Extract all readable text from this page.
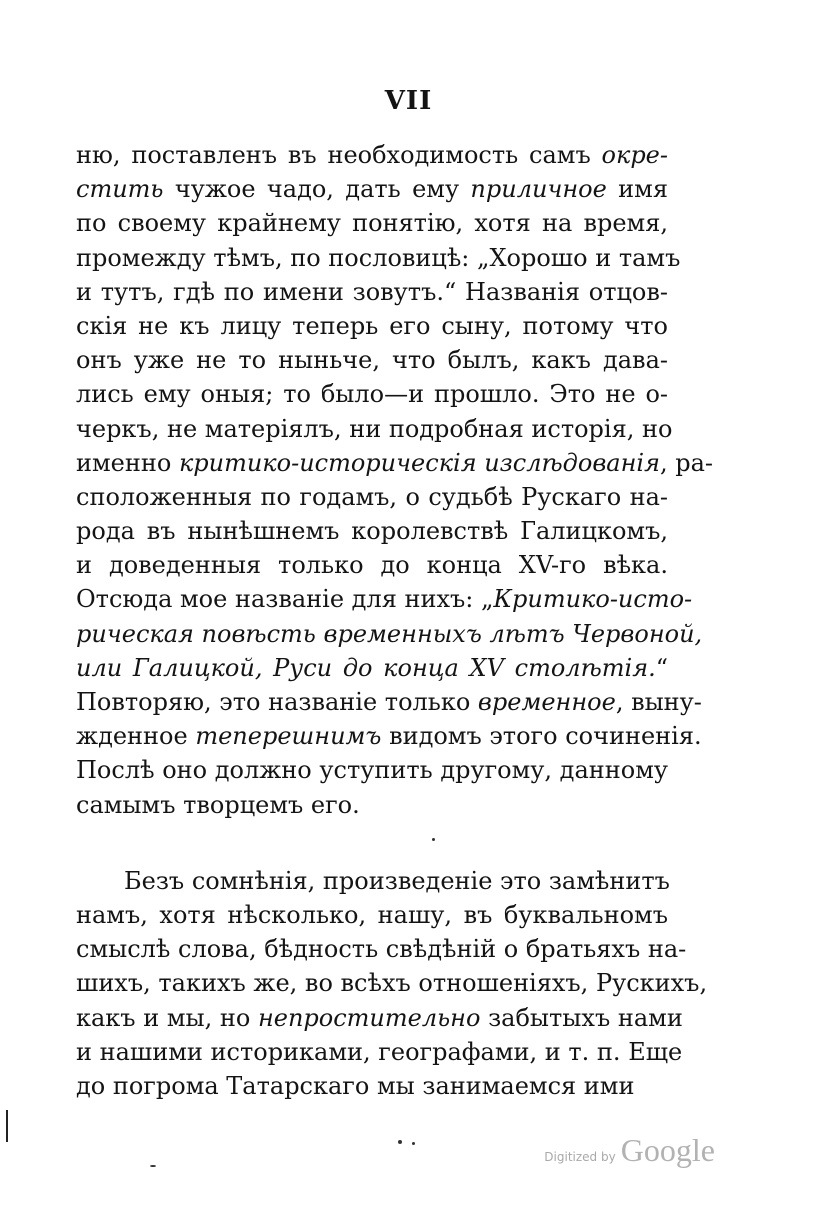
VII
ню, поставленъ въ необходимость самъ окре-
стить чужое чадо, дать ему приличное имя
по своему крайнему понятію, хотя на время,
промежду тѣмъ, по пословицѣ: „Хорошо и тамъ
и тутъ, гдѣ по имени зовутъ.“ Названія отцов-
скія не къ лицу теперь его сыну, потому что
онъ уже не то ныньче, что былъ, какъ дава-
лись ему оныя; то было—и прошло. Это не о-
черкъ, не матеріялъ, ни подробная исторія, но
именно критико-историческія изслѣдованія, ра-
сположенныя по годамъ, о судьбѣ Рускаго на-
рода въ нынѣшнемъ королевствѣ Галицкомъ,
и доведенныя только до конца XV-го вѣка.
Отсюда мое названіе для нихъ: „Критико-исто-
рическая повѣсть временныхъ лѣтъ Червоной,
или Галицкой, Руси до конца XV столѣтія.“
Повторяю, это названіе только временное, выну-
жденное теперешнимъ видомъ этого сочиненія.
Послѣ оно должно уступить другому, данному
самымъ творцемъ его.
Безъ сомнѣнія, произведеніе это замѣнитъ
намъ, хотя нѣсколько, нашу, въ буквальномъ
смыслѣ слова, бѣдность свѣдѣній о братьяхъ на-
шихъ, такихъ же, во всѣхъ отношеніяхъ, Рускихъ,
какъ и мы, но непростительно забытыхъ нами
и нашими историками, географами, и т. п. Еще
до погрома Татарскаго мы занимаемся ими
Digitized by Google
